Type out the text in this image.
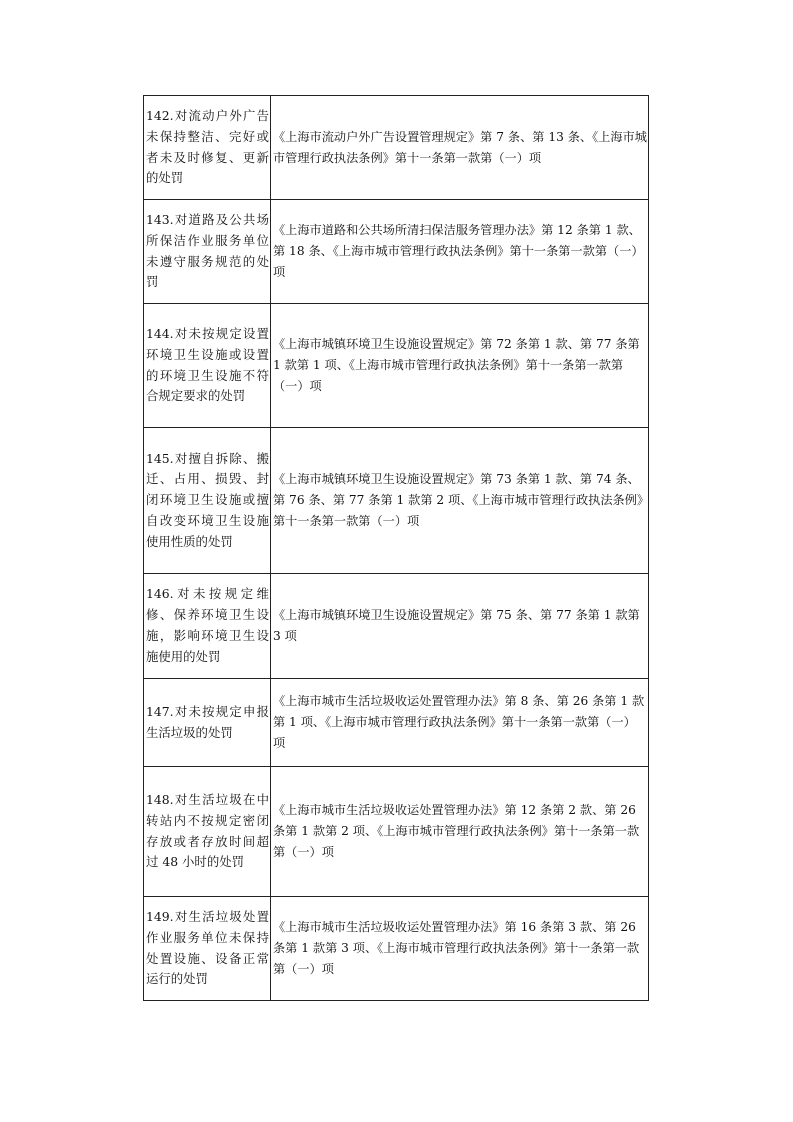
142.对流动户外广告未保持整洁、完好或者未及时修复、更新的处罚	《上海市流动户外广告设置管理规定》第 7 条、第 13 条、《上海市城市管理行政执法条例》第十一条第一款第（一）项
143.对道路及公共场所保洁作业服务单位未遵守服务规范的处罚	《上海市道路和公共场所清扫保洁服务管理办法》第 12 条第 1 款、第 18 条、《上海市城市管理行政执法条例》第十一条第一款第（一）项
144.对未按规定设置环境卫生设施或设置的环境卫生设施不符合规定要求的处罚	《上海市城镇环境卫生设施设置规定》第 72 条第 1 款、第 77 条第 1 款第 1 项、《上海市城市管理行政执法条例》第十一条第一款第（一）项
145.对擅自拆除、搬迁、占用、损毁、封闭环境卫生设施或擅自改变环境卫生设施使用性质的处罚	《上海市城镇环境卫生设施设置规定》第 73 条第 1 款、第 74 条、第 76 条、第 77 条第 1 款第 2 项、《上海市城市管理行政执法条例》第十一条第一款第（一）项
146.对未按规定维修、保养环境卫生设施，影响环境卫生设施使用的处罚	《上海市城镇环境卫生设施设置规定》第 75 条、第 77 条第 1 款第 3 项
147.对未按规定申报生活垃圾的处罚	《上海市城市生活垃圾收运处置管理办法》第 8 条、第 26 条第 1 款第 1 项、《上海市城市管理行政执法条例》第十一条第一款第（一）项
148.对生活垃圾在中转站内不按规定密闭存放或者存放时间超过 48 小时的处罚	《上海市城市生活垃圾收运处置管理办法》第 12 条第 2 款、第 26 条第 1 款第 2 项、《上海市城市管理行政执法条例》第十一条第一款第（一）项
149.对生活垃圾处置作业服务单位未保持处置设施、设备正常运行的处罚	《上海市城市生活垃圾收运处置管理办法》第 16 条第 3 款、第 26 条第 1 款第 3 项、《上海市城市管理行政执法条例》第十一条第一款第（一）项
